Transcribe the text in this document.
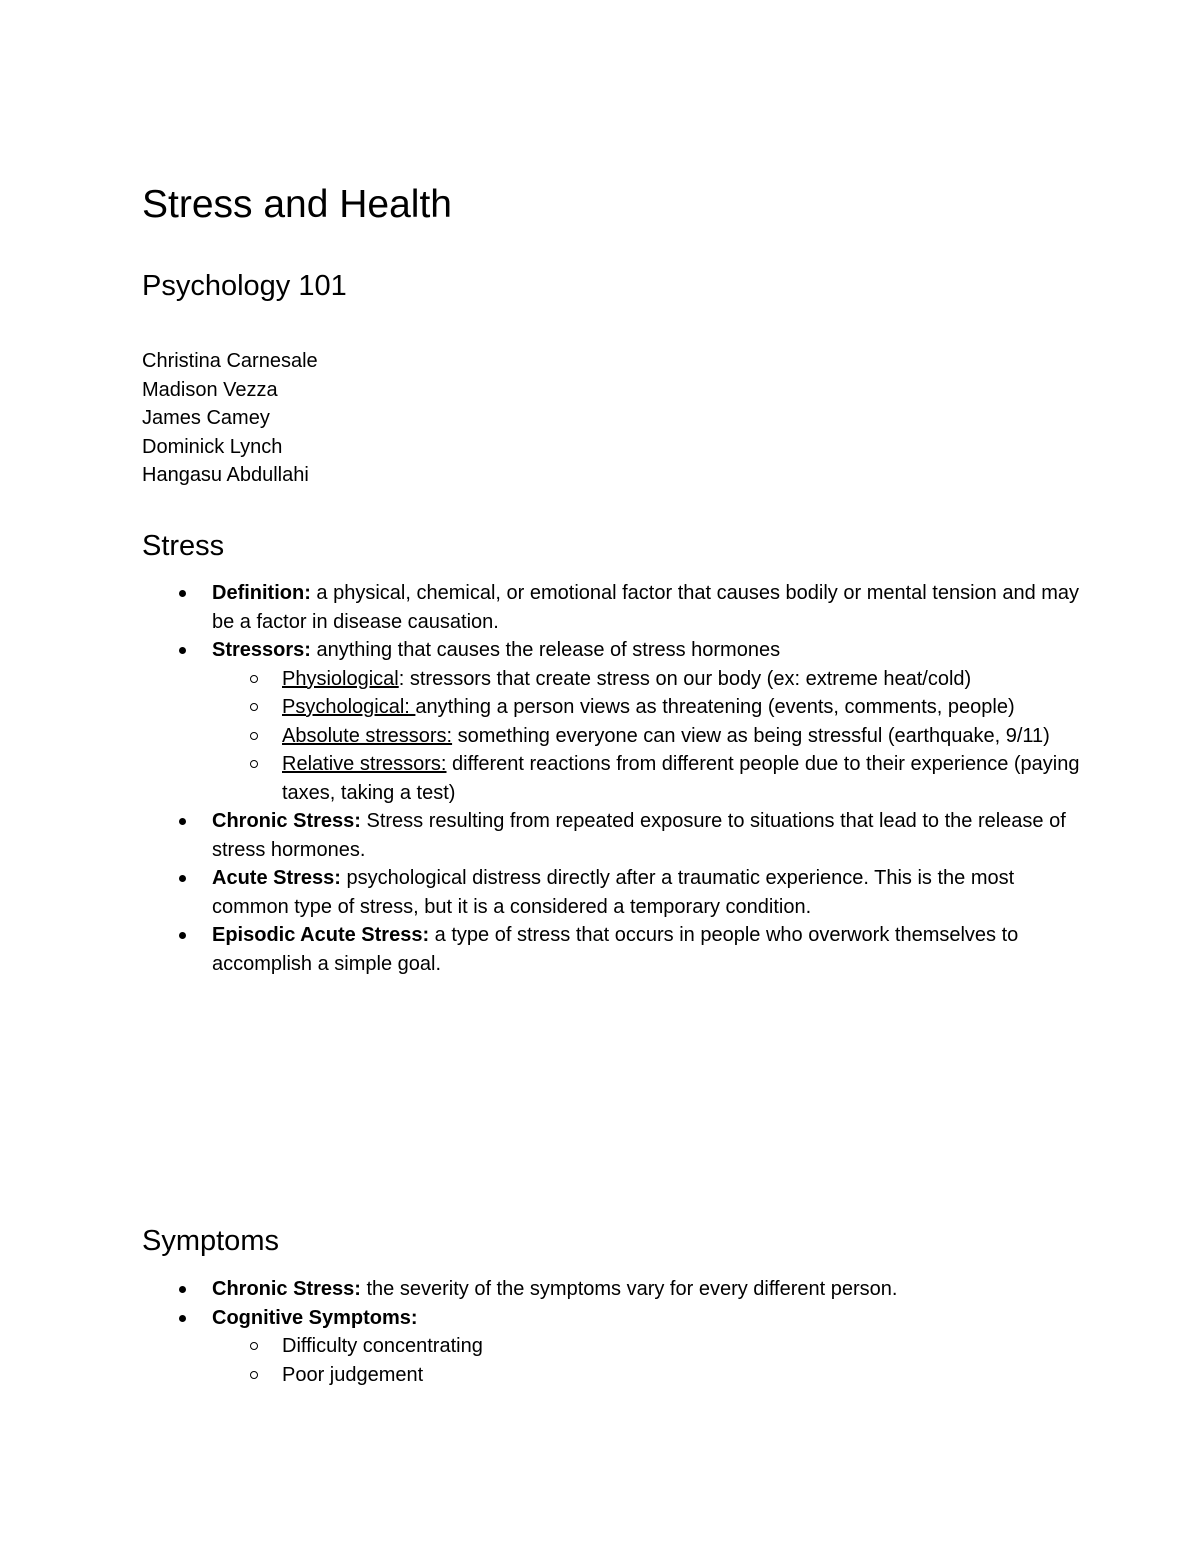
Stress and Health
Psychology 101
Christina Carnesale
Madison Vezza
James Camey
Dominick Lynch
Hangasu Abdullahi
Stress
Definition: a physical, chemical, or emotional factor that causes bodily or mental tension and may be a factor in disease causation.
Stressors: anything that causes the release of stress hormones
Physiological: stressors that create stress on our body (ex: extreme heat/cold)
Psychological: anything a person views as threatening (events, comments, people)
Absolute stressors: something everyone can view as being stressful (earthquake, 9/11)
Relative stressors: different reactions from different people due to their experience (paying taxes, taking a test)
Chronic Stress: Stress resulting from repeated exposure to situations that lead to the release of stress hormones.
Acute Stress: psychological distress directly after a traumatic experience. This is the most common type of stress, but it is a considered a temporary condition.
Episodic Acute Stress: a type of stress that occurs in people who overwork themselves to accomplish a simple goal.
Symptoms
Chronic Stress: the severity of the symptoms vary for every different person.
Cognitive Symptoms:
Difficulty concentrating
Poor judgement
